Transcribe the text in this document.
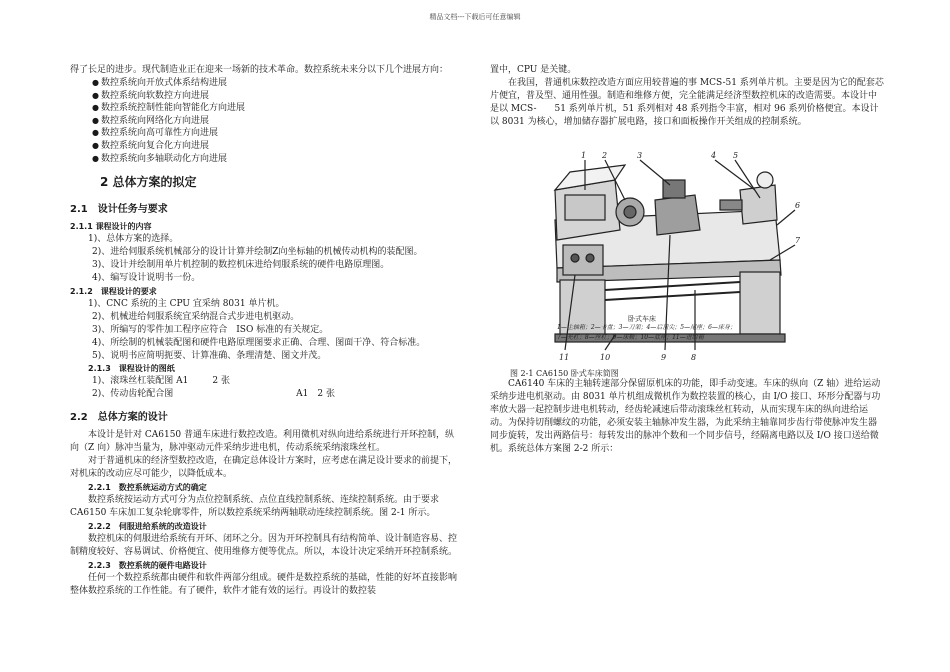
精品文档---下载后可任意编辑

得了长足的进步。现代制造业正在迎来一场新的技术革命。数控系统未来分以下几个进展方向：

● 数控系统向开放式体系结构进展

● 数控系统向软数控方向进展

● 数控系统控制性能向智能化方向进展

● 数控系统向网络化方向进展

● 数控系统向高可靠性方向进展

● 数控系统向复合化方向进展

● 数控系统向多轴联动化方向进展

2 总体方案的拟定
2.1　设计任务与要求
2.1.1 课程设计的内容

1)、总体方案的选择。

2)、进给伺服系统机械部分的设计计算并绘制Z向坐标轴的机械传动机构的装配图。

3)、设计并绘制用单片机控制的数控机床进给伺服系统的硬件电路原理图。

4)、编写设计说明书一份。

2.1.2　课程设计的要求

1)、CNC 系统的主 CPU 宜采纳 8031 单片机。

2)、机械进给伺服系统宜采纳混合式步进电机驱动。

3)、所编写的零件加工程序应符合　ISO 标准的有关规定。

4)、所绘制的机械装配图和硬件电路原理图要求正确、合理、图面干净、符合标准。

5)、说明书应简明扼要、计算准确、条理清楚、图文并茂。

2.1.3　课程设计的图纸
1)、滚珠丝杠装配图 A1	2 张
2)、传动齿轮配合图	A1　2 张
2.2　总体方案的设计

本设计是针对 CA6150 普通车床进行数控改造。利用微机对纵向进给系统进行开环控制，纵向（Z 向）脉冲当量为，脉冲驱动元件采纳步进电机，传动系统采纳滚珠丝杠。

对于普通机床的经济型数控改造，在确定总体设计方案时，应考虑在满足设计要求的前提下，对机床的改动应尽可能少，以降低成本。

2.2.1　数控系统运动方式的确定

数控系统按运动方式可分为点位控制系统、点位直线控制系统、连续控制系统。由于要求 CA6150 车床加工复杂轮廓零件，所以数控系统采纳两轴联动连续控制系统。图 2-1 所示。

2.2.2　伺服进给系统的改造设计

数控机床的伺服进给系统有开环、闭环之分。因为开环控制具有结构简单、设计制造容易、控制精度较好、容易调试、价格便宜、使用维修方便等优点。所以，本设计决定采纳开环控制系统。

2.2.3　数控系统的硬件电路设计

任何一个数控系统都由硬件和软件两部分组成。硬件是数控系统的基础，性能的好坏直接影响整体数控系统的工作性能。有了硬件，软件才能有效的运行。再设计的数控装

置中，CPU 是关键。

在我国，普通机床数控改造方面应用较普遍的事 MCS-51 系列单片机。主要是因为它的配套芯片便宜，普及型、通用性强。制造和维修方便，完全能满足经济型数控机床的改造需要。本设计中是以 MCS-　　51 系列单片机，51 系列相对 48 系列指令丰富，相对 96 系列价格便宜。本设计以 8031 为核心，增加储存器扩展电路，接口和面板操作开关组成的控制系统。

1 2	3	4 5
6
7
8
9
10
11
卧式车床
1—主轴箱；2—卡盘；3—刀架；4—后顶尖；5—尾座；6—床身；
7—光杠；8—丝杠；9—床鞍；10—底座；11—进给箱
图 2-1 CA6150 卧式车床简图

CA6140 车床的主轴转速部分保留原机床的功能，即手动变速。车床的纵向（Z 轴）进给运动采纳步进电机驱动。由 8031 单片机组成微机作为数控装置的核心，由 I/O 接口、环形分配器与功率放大器一起控制步进电机转动，经齿轮减速后带动滚珠丝杠转动，从而实现车床的纵向进给运动。为保持切削螺纹的功能，必须安装主轴脉冲发生器，为此采纳主轴靠同步齿行带使脉冲发生器同步旋转，发出两路信号：每转发出的脉冲个数和一个同步信号，经隔离电路以及 I/O 接口送给微机。系统总体方案图 2-2 所示：
